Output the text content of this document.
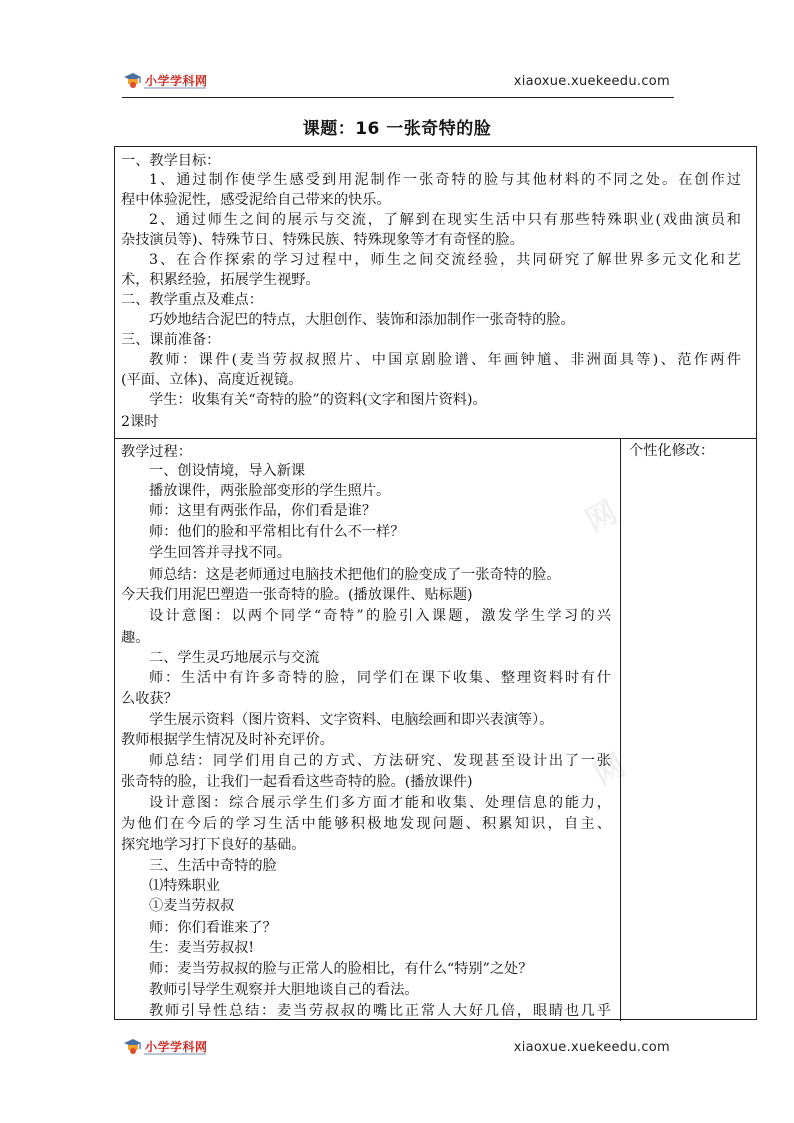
小学学科网	xiaoxue.xuekeedu.com
课题：16 一张奇特的脸
一、教学目标：
1、通过制作使学生感受到用泥制作一张奇特的脸与其他材料的不同之处。在创作过
程中体验泥性，感受泥给自己带来的快乐。
2、通过师生之间的展示与交流，了解到在现实生活中只有那些特殊职业(戏曲演员和
杂技演员等)、特殊节日、特殊民族、特殊现象等才有奇怪的脸。
3、在合作探索的学习过程中，师生之间交流经验，共同研究了解世界多元文化和艺
术，积累经验，拓展学生视野。
二、教学重点及难点：
巧妙地结合泥巴的特点，大胆创作、装饰和添加制作一张奇特的脸。
三、课前准备：
教师：课件(麦当劳叔叔照片、中国京剧脸谱、年画钟馗、非洲面具等)、范作两件
(平面、立体)、高度近视镜。
学生：收集有关“奇特的脸”的资料(文字和图片资料)。
2课时
教学过程：
一、创设情境，导入新课
播放课件，两张脸部变形的学生照片。
师：这里有两张作品，你们看是谁？
师：他们的脸和平常相比有什么不一样？
学生回答并寻找不同。
师总结：这是老师通过电脑技术把他们的脸变成了一张奇特的脸。
今天我们用泥巴塑造一张奇特的脸。(播放课件、贴标题)
设计意图：以两个同学“奇特”的脸引入课题，激发学生学习的兴
趣。
二、学生灵巧地展示与交流
师：生活中有许多奇特的脸，同学们在课下收集、整理资料时有什
么收获？
学生展示资料（图片资料、文字资料、电脑绘画和即兴表演等）。
教师根据学生情况及时补充评价。
师总结：同学们用自己的方式、方法研究、发现甚至设计出了一张
张奇特的脸，让我们一起看看这些奇特的脸。(播放课件)
设计意图：综合展示学生们多方面才能和收集、处理信息的能力，
为他们在今后的学习生活中能够积极地发现问题、积累知识，自主、
探究地学习打下良好的基础。
三、生活中奇特的脸
⑴特殊职业
①麦当劳叔叔
师：你们看谁来了？
生：麦当劳叔叔!
师：麦当劳叔叔的脸与正常人的脸相比，有什么“特别”之处？
教师引导学生观察并大胆地谈自己的看法。
教师引导性总结：麦当劳叔叔的嘴比正常人大好几倍，眼睛也几乎
个性化修改：
网
网
小学学科网	xiaoxue.xuekeedu.com
